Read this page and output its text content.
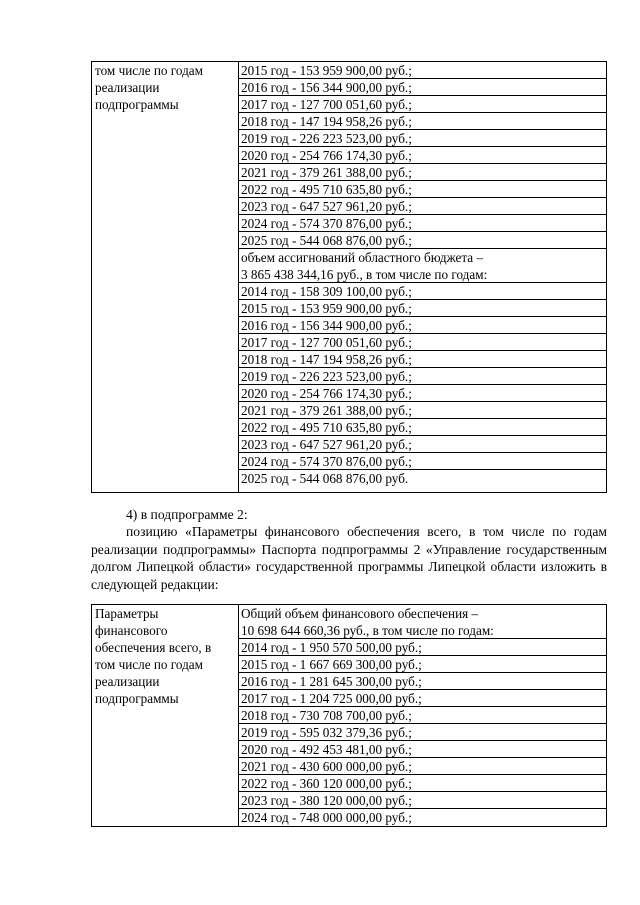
том числе по годам
реализации
подпрограммы
2015 год - 153 959 900,00 руб.;
2016 год - 156 344 900,00 руб.;
2017 год - 127 700 051,60 руб.;
2018 год - 147 194 958,26 руб.;
2019 год - 226 223 523,00 руб.;
2020 год - 254 766 174,30 руб.;
2021 год - 379 261 388,00 руб.;
2022 год - 495 710 635,80 руб.;
2023 год - 647 527 961,20 руб.;
2024 год - 574 370 876,00 руб.;
2025 год - 544 068 876,00 руб.;
объем ассигнований областного бюджета –
3 865 438 344,16 руб., в том числе по годам:
2014 год - 158 309 100,00 руб.;
2015 год - 153 959 900,00 руб.;
2016 год - 156 344 900,00 руб.;
2017 год - 127 700 051,60 руб.;
2018 год - 147 194 958,26 руб.;
2019 год - 226 223 523,00 руб.;
2020 год - 254 766 174,30 руб.;
2021 год - 379 261 388,00 руб.;
2022 год - 495 710 635,80 руб.;
2023 год - 647 527 961,20 руб.;
2024 год - 574 370 876,00 руб.;
2025 год - 544 068 876,00 руб.
4) в подпрограмме 2:
позицию «Параметры финансового обеспечения всего, в том числе по годам реализации подпрограммы» Паспорта подпрограммы 2 «Управление государственным долгом Липецкой области» государственной программы Липецкой области изложить в следующей редакции:
Параметры
финансового
обеспечения всего, в
том числе по годам
реализации
подпрограммы
Общий объем финансового обеспечения –
10 698 644 660,36 руб., в том числе по годам:
2014 год - 1 950 570 500,00 руб.;
2015 год - 1 667 669 300,00 руб.;
2016 год - 1 281 645 300,00 руб.;
2017 год - 1 204 725 000,00 руб.;
2018 год - 730 708 700,00 руб.;
2019 год - 595 032 379,36 руб.;
2020 год - 492 453 481,00 руб.;
2021 год - 430 600 000,00 руб.;
2022 год - 360 120 000,00 руб.;
2023 год - 380 120 000,00 руб.;
2024 год - 748 000 000,00 руб.;
